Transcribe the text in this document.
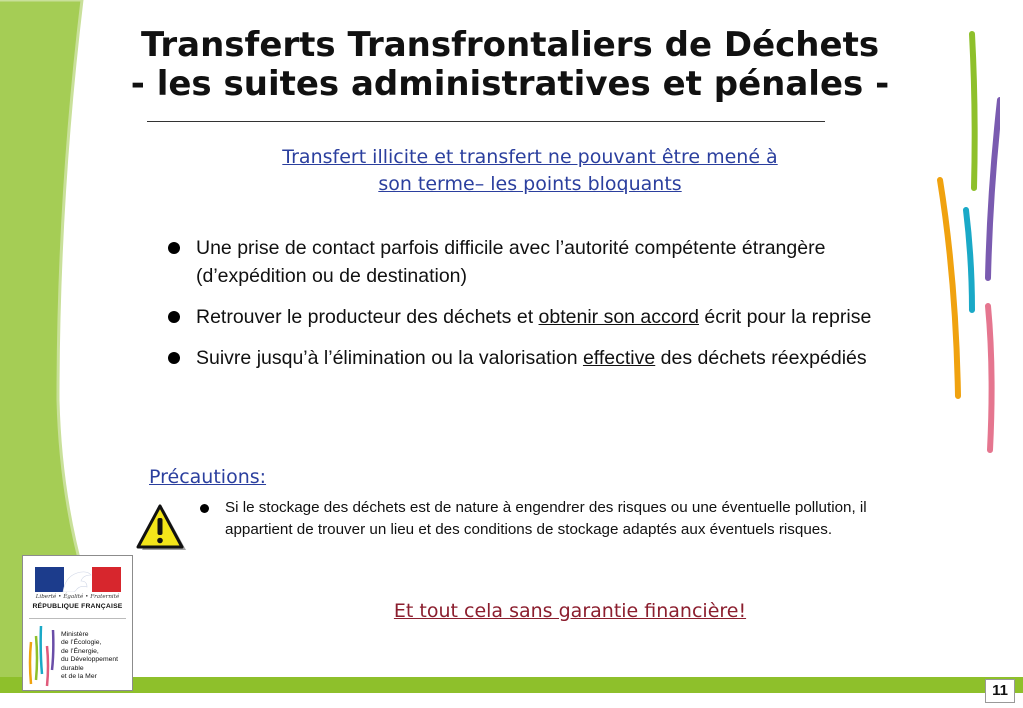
Transferts Transfrontaliers de Déchets
- les suites administratives et pénales -
Transfert illicite et transfert ne pouvant être mené à
son terme– les points bloquants
Une prise de contact parfois difficile avec l’autorité compétente étrangère (d’expédition ou de destination)
Retrouver le producteur des déchets et obtenir son accord écrit pour la reprise
Suivre jusqu’à l’élimination ou la valorisation effective des déchets réexpédiés
Précautions:
Si le stockage des déchets est de nature à engendrer des risques ou une éventuelle pollution, il appartient de trouver un lieu et des conditions de stockage adaptés aux éventuels risques.
Et tout cela sans garantie financière!
Liberté • Égalité • Fraternité
RÉPUBLIQUE FRANÇAISE
Ministère
de l’Écologie,
de l’Énergie,
du Développement
durable
et de la Mer
11
